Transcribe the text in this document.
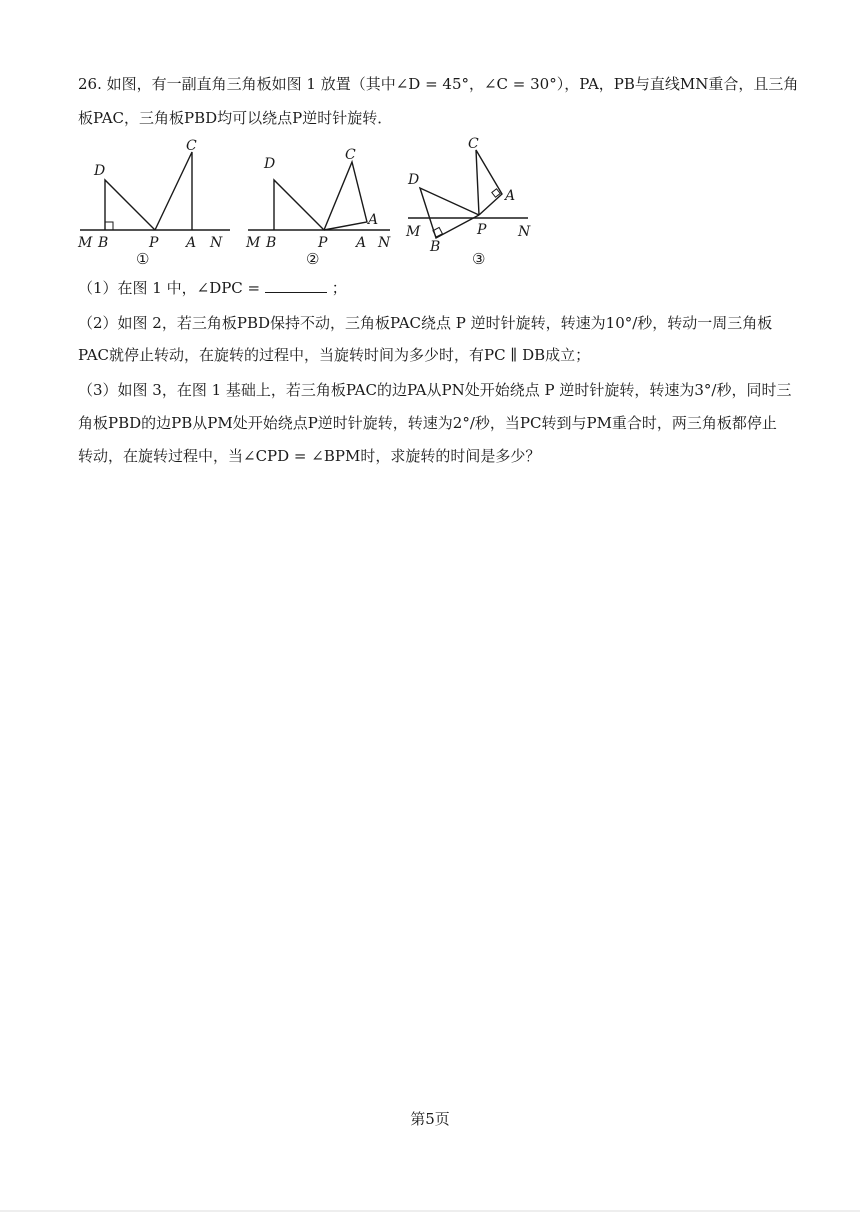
26. 如图，有一副直角三角板如图 1 放置（其中∠D = 45°，∠C = 30°），PA，PB与直线MN重合，且三角
板PAC，三角板PBD均可以绕点P逆时针旋转．
D
C
M B	P A N
①
D
C
A
M B	P A N
②
D
C
A
M
B
P N
③
（1）在图 1 中，∠DPC =	；
（2）如图 2，若三角板PBD保持不动，三角板PAC绕点 P 逆时针旋转，转速为10°/秒，转动一周三角板
PAC就停止转动，在旋转的过程中，当旋转时间为多少时，有PC ∥ DB成立；
（3）如图 3，在图 1 基础上，若三角板PAC的边PA从PN处开始绕点 P 逆时针旋转，转速为3°/秒，同时三
角板PBD的边PB从PM处开始绕点P逆时针旋转，转速为2°/秒，当PC转到与PM重合时，两三角板都停止
转动，在旋转过程中，当∠CPD = ∠BPM时，求旋转的时间是多少？
第5页
